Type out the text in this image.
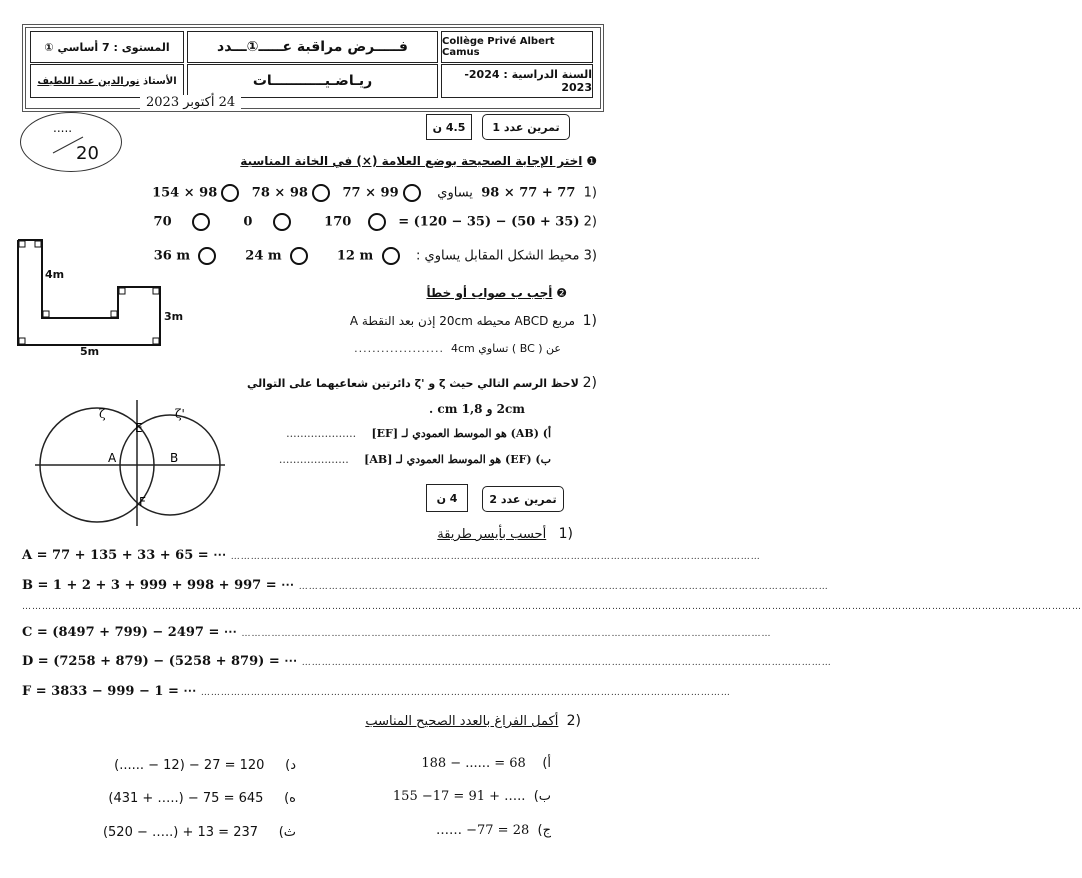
Collège Privé Albert Camus
السنة الدراسية : 2024-2023
فـــــرض مراقبة عـــــ①ـــدد
ريـاضـيـــــــــــات
المستوى : 7 أساسي ①
الأستاذ

نورالدين عبد اللطيف
24 أكتوبر 2023
.....
20
تمرين عدد 1
4.5 ن
❶ اختر الإجابة الصحيحة بوضع العلامة (×) في الخانة المناسبة
(1  98 × 77 + 77  يساوي     77 × 99    78 × 98    154 × 98
(2 = (120 − 35) − (50 + 35)       170             0             70
(3 محيط الشكل المقابل يساوي :      12 m         24 m         36 m
4m
3m
5m
❷ أجب ب صواب أو خطأ
(1  مربع ABCD محيطه 20cm إذن بعد النقطة A
عن ( BC ) تساوي 4cm  ....................
(2 لاحظ الرسم التالي حيث ζ و 'ζ دائرتين شعاعيهما على التوالي
2cm و 1,8 cm .
أ) (AB) هو الموسط العمودي لـ [EF]    ....................
ب) (EF) هو الموسط العمودي لـ [AB]    ....................
ζ	ζ'
E
F
A	B
تمرين عدد 2
4 ن
(1   أحسب بأيسر طريقة
A = 77 + 135 + 33 + 65 = ⋯ ……………………………………………………………………………………………………………………………………………
B = 1 + 2 + 3 + 999 + 998 + 997 = ⋯ ……………………………………………………………………………………………………………………………………………
…………………………………………………………………………………………………………………………………………………………………………………………………………………………………………………………………………………………
C = (8497 + 799) − 2497 = ⋯ ……………………………………………………………………………………………………………………………………………
D = (7258 + 879) − (5258 + 879) = ⋯ ……………………………………………………………………………………………………………………………………………
F = 3833 − 999 − 1 = ⋯ ……………………………………………………………………………………………………………………………………………
(2  أكمل الفراغ بالعدد الصحيح المناسب
أ)    188 − ...... = 68
ب)  155 −17 = 91 + …..
ج)  …… −77 = 28
د)     (...... − 12) − 27 = 120
ه)     (431 + …..) − 75 = 645
ث)     (520 − …..) + 13 = 237
